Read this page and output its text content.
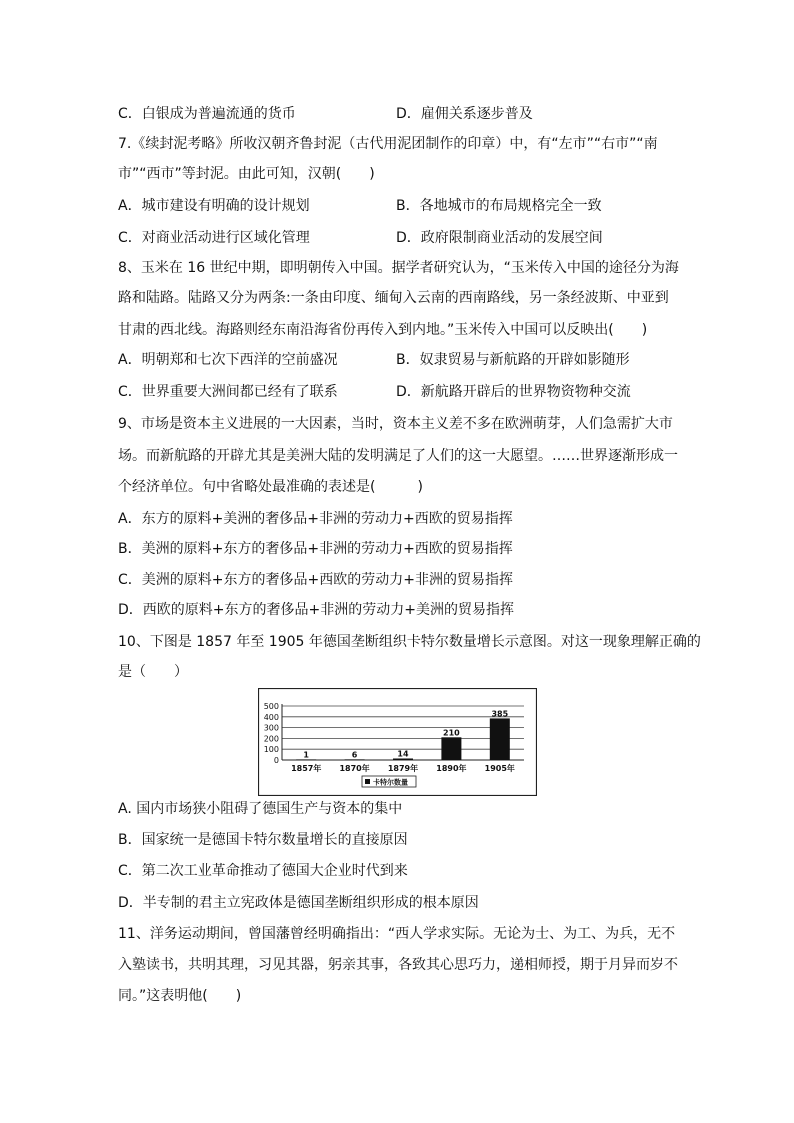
C．白银成为普遍流通的货币	D．雇佣关系逐步普及
7.《续封泥考略》所收汉朝齐鲁封泥（古代用泥团制作的印章）中，有“左市”“右市”“南
市”“西市”等封泥。由此可知，汉朝(　　)
A．城市建设有明确的设计规划	B．各地城市的布局规格完全一致
C．对商业活动进行区域化管理	D．政府限制商业活动的发展空间
8、玉米在 16 世纪中期，即明朝传入中国。据学者研究认为，“玉米传入中国的途径分为海
路和陆路。陆路又分为两条:一条由印度、缅甸入云南的西南路线，另一条经波斯、中亚到
甘肃的西北线。海路则经东南沿海省份再传入到内地。”玉米传入中国可以反映出(　　)
A．明朝郑和七次下西洋的空前盛况	B．奴隶贸易与新航路的开辟如影随形
C．世界重要大洲间都已经有了联系	D．新航路开辟后的世界物资物种交流
9、市场是资本主义进展的一大因素，当时，资本主义差不多在欧洲萌芽，人们急需扩大市
场。而新航路的开辟尤其是美洲大陆的发明满足了人们的这一大愿望。……世界逐渐形成一
个经济单位。句中省略处最准确的表述是(　　　)
A．东方的原料+美洲的奢侈品+非洲的劳动力+西欧的贸易指挥
B．美洲的原料+东方的奢侈品+非洲的劳动力+西欧的贸易指挥
C．美洲的原料+东方的奢侈品+西欧的劳动力+非洲的贸易指挥
D．西欧的原料+东方的奢侈品+非洲的劳动力+美洲的贸易指挥
10、下图是 1857 年至 1905 年德国垄断组织卡特尔数量增长示意图。对这一现象理解正确的
是（　　）
0
100
200
300
400
500
1
1857年
6
1870年
14
1879年
210
1890年
385
1905年
卡特尔数量
A. 国内市场狭小阻碍了德国生产与资本的集中
B．国家统一是德国卡特尔数量增长的直接原因
C．第二次工业革命推动了德国大企业时代到来
D．半专制的君主立宪政体是德国垄断组织形成的根本原因
11、洋务运动期间，曾国藩曾经明确指出：“西人学求实际。无论为士、为工、为兵，无不
入塾读书，共明其理，习见其器，躬亲其事，各致其心思巧力，递相师授，期于月异而岁不
同。”这表明他(　　)
